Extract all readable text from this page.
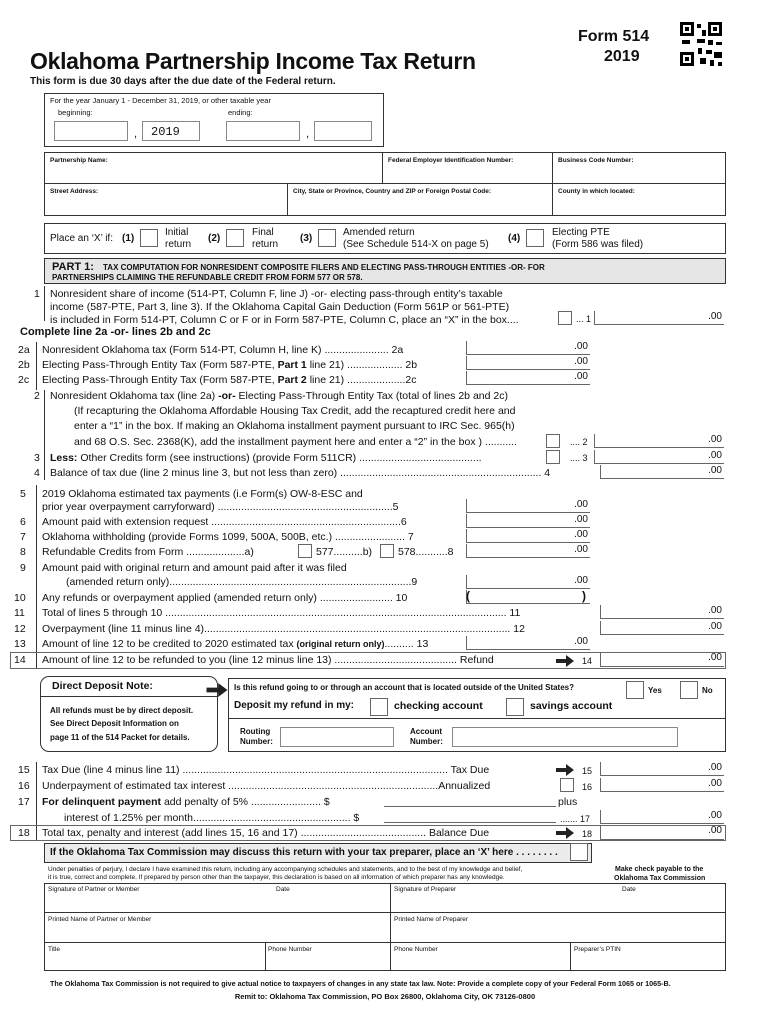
Oklahoma Partnership Income Tax Return
Form 514
2019
This form is due 30 days after the due date of the Federal return.
For the year January 1 - December 31, 2019, or other taxable year
beginning:	ending:
,	2019	,
Partnership Name:	Federal Employer Identification Number:	Business Code Number:
Street Address:	City, State or Province, Country and ZIP or Foreign Postal Code:	County in which located:
Place an ‘X’ if: (1)
Initial
return
(2)
Final
return
(3)
Amended return
(See Schedule 514-X on page 5)
(4)
Electing PTE
(Form 586 was filed)
PART 1: TAX COMPUTATION FOR NONRESIDENT COMPOSITE FILERS AND ELECTING PASS-THROUGH ENTITIES -OR- FOR
PARTNERSHIPS CLAIMING THE REFUNDABLE CREDIT FROM FORM 577 OR 578.
1 Nonresident share of income (514-PT, Column F, line J) -or- electing pass-through entity’s taxable
income (587-PTE, Part 3, line 3). If the Oklahoma Capital Gain Deduction (Form 561P or 561-PTE)
is included in Form 514-PT, Column C or F or in Form 587-PTE, Column C, place an “X” in the box....	... 1	.00
Complete line 2a -or- lines 2b and 2c
2a Nonresident Oklahoma tax (Form 514-PT, Column H, line K) ...................... 2a	.00
2b Electing Pass-Through Entity Tax (Form 587-PTE, Part 1 line 21) ................... 2b	.00
2c Electing Pass-Through Entity Tax (Form 587-PTE, Part 2 line 21) ....................2c	.00
2 Nonresident Oklahoma tax (line 2a) -or- Electing Pass-Through Entity Tax (total of lines 2b and 2c)
(If recapturing the Oklahoma Affordable Housing Tax Credit, add the recaptured credit here and
enter a “1” in the box. If making an Oklahoma installment payment pursuant to IRC Sec. 965(h)
and 68 O.S. Sec. 2368(K), add the installment payment here and enter a “2” in the box ) ...........	.... 2	.00
3 Less: Other Credits form (see instructions) (provide Form 511CR) ..........................................	.... 3	.00
4 Balance of tax due (line 2 minus line 3, but not less than zero) ..................................................................... 4	.00
5 2019 Oklahoma estimated tax payments (i.e Form(s) OW-8-ESC and
prior year overpayment carryforward) ............................................................5	.00
6 Amount paid with extension request .................................................................6	.00
7 Oklahoma withholding (provide Forms 1099, 500A, 500B, etc.) ........................ 7	.00
8 Refundable Credits from Form ....................a)	577..........b) 578...........8	.00
9 Amount paid with original return and amount paid after it was filed
(amended return only)...................................................................................9	.00
10 Any refunds or overpayment applied (amended return only) ......................... 10	(	)
11 Total of lines 5 through 10 ..................................................................................................................... 11	.00
12 Overpayment (line 11 minus line 4)......................................................................................................... 12	.00
13 Amount of line 12 to be credited to 2020 estimated tax (original return only).......... 13	.00
14 Amount of line 12 to be refunded to you (line 12 minus line 13) .......................................... Refund	14	.00
Direct Deposit Note:
All refunds must be by direct deposit.
See Direct Deposit Information on
page 11 of the 514 Packet for details.
Is this refund going to or through an account that is located outside of the United States?	Yes	No
Deposit my refund in my:	checking account	savings account
Routing
Number:
Account
Number:
15 Tax Due (line 4 minus line 11) ........................................................................................... Tax Due	15	.00
16 Underpayment of estimated tax interest ........................................................................Annualized	16	.00
17 For delinquent payment add penalty of 5% ........................ $	plus
interest of 1.25% per month...................................................... $	....... 17	.00
18 Total tax, penalty and interest (add lines 15, 16 and 17) ........................................... Balance Due	18	.00
If the Oklahoma Tax Commission may discuss this return with your tax preparer, place an ‘X’ here . . . . . . . .
Under penalties of perjury, I declare I have examined this return, including any accompanying schedules and statements, and to the best of my knowledge and belief,
it is true, correct and complete. If prepared by person other than the taxpayer, this declaration is based on all information of which preparer has any knowledge.
Make check payable to the
Oklahoma Tax Commission
Signature of Partner or Member	Date	Signature of Preparer	Date
Printed Name of Partner or Member	Printed Name of Preparer
Title	Phone Number	Phone Number	Preparer’s PTIN
The Oklahoma Tax Commission is not required to give actual notice to taxpayers of changes in any state tax law. Note: Provide a complete copy of your Federal Form 1065 or 1065-B.
Remit to: Oklahoma Tax Commission, PO Box 26800, Oklahoma City, OK 73126-0800
